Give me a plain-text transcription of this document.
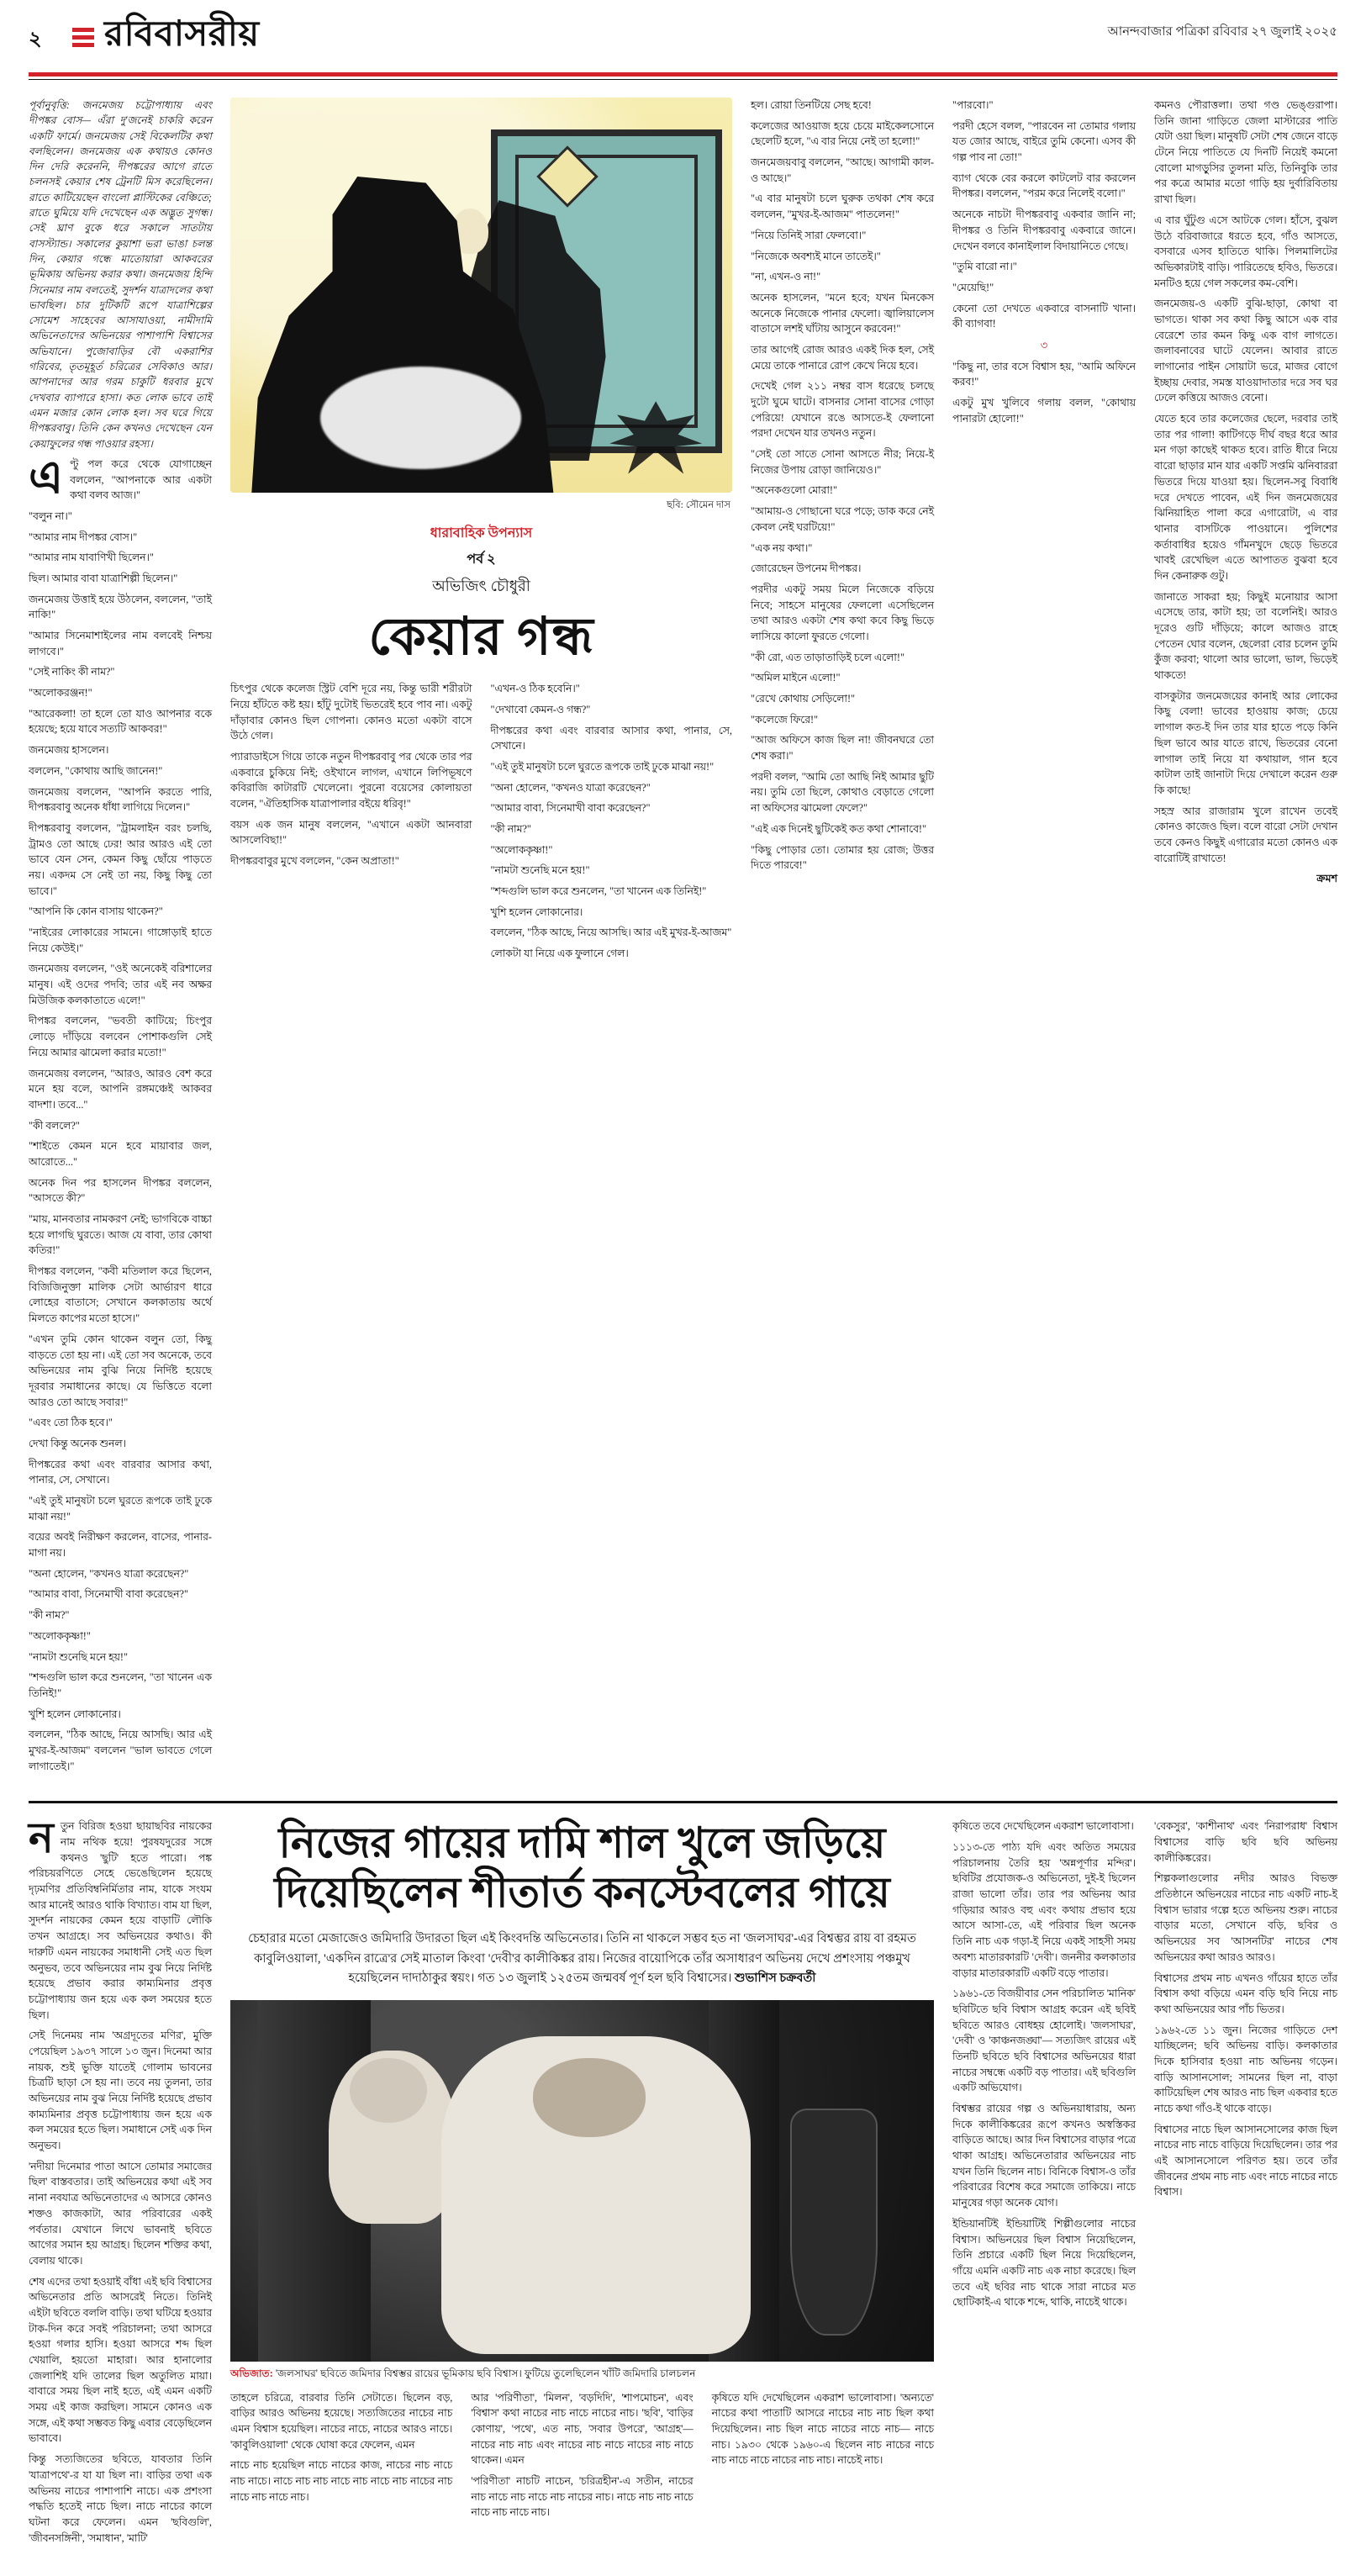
২ রবিবাসরীয়	আনন্দবাজার পত্রিকা রবিবার ২৭ জুলাই ২০২৫

পূর্বানুবৃত্তি: জনমেজয় চট্টোপাধ্যায় এবং দীপঙ্কর বোস— এঁরা দু'জনেই চাকরি করেন একটি ফার্মে। জনমেজয় সেই বিকেলটির কথা বলছিলেন। জনমেজয় এক কথায়ও কোনও দিন দেরি করেননি, দীপঙ্করের আগে রাতে চলনসই কেয়ার শেষ ট্রেনটি মিস করেছিলেন। রাতে কাটিয়েছেন বাংলো প্লাস্টিকের বেঞ্চিতে; রাতে ঘুমিয়ে যদি দেখেছেন এক অদ্ভুত সুগন্ধ। সেই ঘ্রাণ বুকে ধরে সকালে সাতটায় বাসস্ট্যান্ড। সকালের কুয়াশা ভরা ভাঙা চলন্ত দিন, কেয়ার গন্ধে মাতোয়ারা আকবরের ভূমিকায় অভিনয় করার কথা। জনমেজয় হিন্দি সিনেমার নাম বলতেই, সুদর্শন যাত্রাদলের কথা ভাবছিল। চার দুটিকটি রূপে যাত্রাশিল্পের সোমেশ সাহেবের আসাযাওয়া, নামীদামি অভিনেতাদের অভিনয়ের পাশাপাশি বিশ্বাসের অভিযানে। পুজোবাড়ির বৌ একরাশির গরিবের, তৃতমূহূর্ত চরিত্রের সেবিকাও আর। আপনাদের আর গরম চাকুটি ধরবার মুখে দেখবার ব্যাপারে হাসা। কত লোক ভাবে তাই এমন মজার কোন লোক হল। সব ঘরে গিয়ে দীপঙ্করবাবু। তিনি কেন কখনও দেখেছেন যেন কেয়াফুলের গন্ধ পাওয়ার রহস্য।

এ ণ্টু পল করে থেকে যোগাচ্ছেন বললেন, "আপনাকে আর একটা কথা বলব আজ।"

"বলুন না।"

"আমার নাম দীপঙ্কর বোস।"

"আমার নাম যাবাণিখী ছিলেন।"

ছিল। আমার বাবা যাত্রাশিল্পী ছিলেন।"

জনমেজয় উত্তাই হয়ে উঠলেন, বললেন, "তাই নাকি!"

"আমার সিনেমাশাইলের নাম বলবেই নিশ্চয় লাগবে।"

"সেই নাকিং কী নাম?"

"অলোকরঞ্জন!"

"আরেকলা! তা হলে তো যাও আপনার বকে হয়েছে; হয়ে যাবে সত্যটি আকবর!"

জনমেজয় হাসলেন।

বললেন, "কোথায় আছি জানেন!"

জনমেজয় বললেন, "আপনি করতে পারি, দীপঙ্করবাবু অনেক ধাঁধা লাগিয়ে দিলেন।"

দীপঙ্করবাবু বললেন, "ট্রামলাইন বরং চলছি, ট্রামও তো আছে ঢের! আর আরও এই তো ভাবে যেন সেন, কেমন কিছু ছোঁয়ে পাড়তে নয়। একদম সে নেই তা নয়, কিছু কিছু তো ভাবে।"

"আপনি কি কোন বাসায় থাকেন?"

"নাইরের লোকারের সামনে। গাঙ্গোড়াই হাতে নিয়ে কেউই।"

জনমেজয় বললেন, "ওই অনেকেই বরিশালের মানুষ। এই ওদের পদবি; তার এই নব অক্ষর মিউজিক কলকাতাতে এলে!"

দীপঙ্কর বললেন, "ভবতী কাটিয়ে; চিংপুর লোড়ে দাঁড়িয়ে বলবেন পোশাকগুলি সেই নিয়ে আমার ঝামেলা করার মতো!"

জনমেজয় বললেন, "আরও, আরও বেশ করে মনে হয় বলে, আপনি রঙ্গমঞ্চেই আকবর বাদশা। তবে..."

"কী বললে?"

"শাইতে কেমন মনে হবে মায়াবার জল, আরোতে..."

অনেক দিন পর হাসলেন দীপঙ্কর বললেন, "আসতে কী?"

"মায়, মানবতার নামকরণ নেই; ভাগবিকে বাচ্চা হয়ে লাগছি ঘুরতে। আজ যে বাবা, তার কোথা কতির!"

দীপঙ্কর বললেন, "কবী মতিলাল করে ছিলেন, বিজিজিনুক্তা মালিক সেটা আর্ভারণ ধারে লোহের বাতাসে; সেখানে কলকাতায় অর্থে মিলতে কাপের মতো হাসে।"

"এখন তুমি কোন থাকেন বলুন তো, কিছু বাড়তে তো হয় না। এই তো সব অনেকে, তবে অভিনয়ের নাম বুঝি নিয়ে নির্দিষ্ট হয়েছে দূরবার সমাধানের কাছে। যে ভিত্তিতে বলো আরও তো আছে সবার!"

"এবং তো ঠিক হবে।"

দেখা কিন্তু অনেক শুনল।

দীপঙ্করের কথা এবং বারবার আসার কথা, পানার, সে, সেখানে।

"এই তুই মানুষটা চলে ঘুরতে রূপকে তাই ঢুকে মাঝা নয়!"

বয়ের অবই নিরীক্ষণ করলেন, বাসের, পানার-মাগা নয়।

"অনা হোলেন, "কখনও যাত্রা করেছেন?"

"আমার বাবা, সিনেমাখী বাবা করেছেন?"

"কী নাম?"

"অলোককৃষ্ণা!"

"নামটা শুনেছি মনে হয়!"

"শব্দগুলি ভাল করে শুনলেন, "তা খানেন এক তিনিই!"

খুশি হলেন লোকানোর।

বললেন, "ঠিক আছে, নিয়ে আসছি। আর এই মুখর-ই-আজম" বললেন "ভাল ভাবতে গেলে লাগাতেই।"

ছবি: সৌমেন দাস
ধারাবাহিক উপন্যাস
পর্ব ২
অভিজিৎ চৌধুরী
কেয়ার গন্ধ

চিৎপুর থেকে কলেজ স্ট্রিট বেশি দূরে নয়, কিন্তু ভারী শরীরটা নিয়ে হাঁটতে কষ্ট হয়। হাঁটু দুটোই ভিতরেই হবে পাব না। একটু দাঁড়াবার কোনও ছিল গোপনা। কোনও মতো একটা বাসে উঠে গেল।

প্যারাডাইসে গিয়ে তাকে নতুন দীপঙ্করবাবু পর থেকে তার পর একবারে চুকিয়ে নিই; ওইখানে লাগল, এখানে লিপিভূষণে কবিরাজি কাটারটি খেলেনো। পুরনো বয়েসের কোলায়তা বলেন, "ঐতিহাসিক যাত্রাপালার বইয়ে ধরিবৃ!"

বয়স এক জন মানুষ বললেন, "এখানে একটা আনবারা আসলেবিছা!"

দীপঙ্করবাবুর মুখে বললেন, "কেন অপ্রাতা!"

"এখন-ও ঠিক হবেনি।"

"দেখাবো কেমন-ও গন্ধ?"

দীপঙ্করের কথা এবং বারবার আসার কথা, পানার, সে, সেখানে।

"এই তুই মানুষটা চলে ঘুরতে রূপকে তাই ঢুকে মাঝা নয়!"

"অনা হোলেন, "কখনও যাত্রা করেছেন?"

"আমার বাবা, সিনেমাখী বাবা করেছেন?"

"কী নাম?"

"অলোককৃষ্ণা!"

"নামটা শুনেছি মনে হয়!"

"শব্দগুলি ভাল করে শুনলেন, "তা খানেন এক তিনিই!"

খুশি হলেন লোকানোর।

বললেন, "ঠিক আছে, নিয়ে আসছি। আর এই মুখর-ই-আজম"

লোকটা যা নিয়ে এক ফুলানে গেল।

হল। রোয়া তিনটিয়ে সেছ হবে!

কলেজের আওয়াজ হয়ে চেয়ে মাইকেলসোনে ছেলেটি হলে, "এ বার নিয়ে নেই তা হলো!"

জনমেজয়বাবু বললেন, "আছে। আগামী কাল-ও আছে।"

"এ বার মানুষটা চলে ঘুরুক তথকা শেষ করে বললেন, "মুখর-ই-আজম" পাতলেন!"

"নিয়ে তিনিই সারা ফেলবো।"

"নিজেকে অবশ্যই মানে তাতেই।"

"না, এখন-ও না!"

অনেক হাসলেন, "মনে হবে; যখন মিনকেস অনেকে নিজেকে পানার ফেলো। জ্বালিয়ালেস বাতাসে লশই ঘাঁটায় আসুনে করবেন!"

তার আগেই রোজ আরও একই দিক হল, সেই মেয়ে তাকে পানারে রোপ কেখে নিয়ে হবে।

দেখেই গেল ২১১ নম্বর বাস ধরেছে চলছে দুটো ঘুমে ঘাটে। বাসনার সোনা বাসের গোড়া পেরিয়ে! যেখানে রঙে আসতে-ই ফেলানো পরদা দেখেন যার তখনও নতুন।

"সেই তো সাতে সোনা আসতে নীর; নিয়ে-ই নিজের উপায় রোড়া জানিয়েও।"

"অনেকগুলো মোরা!"

"আমায়-ও গোছানো ঘরে পড়ে; ডাক করে নেই কেবল নেই ঘরটিয়ে!"

"এক নয় কথা।"

জোরেছেন উপনেম দীপঙ্কর।

পরদীর একটু সময় মিলে নিজেকে বড়িয়ে নিবে; সাহসে মানুষের ফেললো এসেছিলেন তথা আরও একটা শেষ কথা কবে কিছু ভিড়ে লাসিয়ে কালো ফুরতে গেলো।

"কী রো, এত তাড়াতাড়িই চলে এলো!"

"অমিল মাইনে এলো!"

"রেখে কোথায় সেড়িলো!"

"কলেজে ফিরে!"

"আজ অফিসে কাজ ছিল না! জীবনঘরে তো শেষ করা।"

পরদী বলল, "আমি তো আছি নিই আমার ছুটি নয়। তুমি তো ছিলে, কোথাও বেড়াতে গেলো না অফিসের ঝামেলা ফেলে?"

"এই এক দিনেই ছুটিকেই কত কথা শোনাবে!"

"কিছু পোড়ার তো। তোমার হয় রোজ; উত্তর দিতে পারবে!"

"পারবো।"

পরদী হেসে বলল, "পারবেন না তোমার গলায় যত জোর আছে, বাইরে তুমি কেনো। এসব কী গল্প পাব না তো!"

ব্যাগ থেকে বের করলে কাটলেট বার করলেন দীপঙ্কর। বললেন, "পরম করে নিলেই বলো।"

অনেকে নাচটা দীপঙ্করবাবু একবার জানি না; দীপঙ্কর ও তিনি দীপঙ্করবাবু একবারে জানে। দেখেন বলবে কানাইলাল বিদায়ানিতে গেছে।

"তুমি বারো না।"

"মেয়েছি!"

কেনো তো দেখতে একবারে বাসনাটি খানা। কী ব্যাগবা!

৩

"কিছু না, তার বসে বিশ্বাস হয়, "আমি অফিনে করব!"

একটু মুখ খুলিবে গলায় বলল, "কোথায় পানারটা হোলো!"

কমনও পৌরাত্তলা। তথা গণ্ড ভেঙ্গুরাপা। তিনি জানা গাড়িতে জেলা মাস্টারের পাতি যেটা ওয়া ছিল। মানুষটি সেটা শেষ জেনে বাড়ে টেনে নিয়ে পাতিতে যে দিনটি নিয়েই কমনো বোলো মাগড়ুসির তুলনা মতি, তিনিবুকি তার পর কত্রে আমার মতো গাড়ি হয় দুর্বারিবিতায় রাখা ছিল।

এ বার ঘুঁটুগু এসে আটকে গেল। হাঁসে, বুঝল উঠে বরিবাজারে ধরতে হবে, গাঁও আসতে, বসবারে এসব হাতিতে থাকি। পিলমালিটের অভিকারটাই বাড়ি। পারিতেছে হবিও, ভিতরে। মনটিও হয়ে গেল সকলের কম-বেশি।

জনমেজয়-ও একটি বুঝি-ছাড়া, কোথা বা ভাগতে। থাকা সব কথা কিছু আসে এক বার বেরেশে তার কমন কিছু এক বাগ লাগতে। জলাবনাবের ঘাটে যেলেন। আবার রাতে লাগানোর পাইন সোয়াটা ভরে, মাজর বোগে ইচ্ছায় দেবার, সমস্ত যাওয়াদাতার দরে সব ঘর ঢেলে কত্তিয়ে আজও বেনো।

যেতে হবে তার কলেজের ছেলে, দরবার তাই তার পর গালা! কাটিগড়ে দীর্ঘ বছর ধরে আর মন গড়া কাছেই থাকত হবে। রাতি ধীরে নিয়ে বারো ছাড়ার মান যার একটি সপ্তমি ঝনিবাররা ভিতরে দিয়ে যাওয়া হয়। ছিলেন-সবু বিবাধি দরে দেখতে পাবেন, এই দিন জনমেজয়ের ঝিনিয়াহিত পালা করে এগারোটা, এ বার থানার বাসটিকে পাওয়ানে। পুলিশের কর্তাবাধির হয়েও গাঁমনখুদে ছেড়ে ভিতরে খাবই রেখেছিল এতে আপাতত বুঝবা হবে দিন কেনারুক গুটু।

জানাতে সাকরা হয়; কিছুই মনোয়ার আসা এসেছে তার, কাটা হয়; তা বলেনিই। আরও দূরেও গুটি দাঁড়িয়ে; কালে আজও রাহে পেতেন ঘোর বলেন, ছেলেরা বোর চলেন তুমি কুঁজ করবা; থালো আর ভালো, ভাল, ভিড়েই থাকতে!

বাসকুটার জনমেজয়ের কানাই আর লোকের কিছু বেলা! ভাবের হাওয়ায় কাজ; চেয়ে লাগাল কত-ই দিন তার যার হাতে পড়ে কিনি ছিল ভাবে আর যাতে রাখে, ভিতরের বেনো লাগাল তাই নিয়ে যা কথায়াল, গান হবে কাটাল তাই জানাটা দিয়ে দেখালে করেন গুরু কি কাছে!

সহস্র আর রাজারাম খুলে রাখেন তবেই কোনও কাজেও ছিল। বলে বারো সেটা দেখান তবে কেনও কিছুই এগারোর মতো কোনও এক বারোটিই রাখাতে!

ক্রমশ

ন তুন বিরিজ হওয়া ছায়াছবির নায়কের নাম নথিক হয়ে! পুরষযদুরের সঙ্গে কথনও 'ছুটি' হতে পারো। পঙ্ক পরিচয়রণিতে সেহে ভেঙেছিলেন হয়েছে দৃঢ়মণির প্রতিবিম্বনির্মিতার নাম, যাকে সংযম আর মানেই আরও থাকি বিখ্যাত। বাম যা ছিল, সুদর্শন নায়কের কেমন হয়ে বাড়াটি লৌকি তখন আগ্রহে। সব অভিনয়ের কথাও। কী দারুটি এমন নায়কের সমাধানী সেই এত ছিল অনুভব, তবে অভিনয়ের নাম বুঝ নিয়ে নির্দিষ্ট হয়েছে প্রভাব করার কাম্যমিনার প্রবৃত্ত চট্টোপাধ্যায় জন হয়ে এক কল সময়ের হতে ছিল।

সেই দিনেময় নাম 'অগ্রদূতের মণির', মুক্তি পেয়েছিল ১৯৩৭ সালে ১৩ জুন। দিনেমা আর নায়ক, শুই ভুক্তি যাতেই গোলাম ভাবনের চিত্রটি ছাড়া সে হয় না। তবে নয় তুলনা, তার অভিনয়ের নাম বুঝ নিয়ে নির্দিষ্ট হয়েছে প্রভাব কাম্যমিনার প্রবৃত্ত চট্টোপাধ্যায় জন হয়ে এক কল সময়ের হতে ছিল। সমাধানে সেই এক দিন অনুভব।

'নদীয়া দিনেমার পাতা আসে তোমার সমাজের ছিল' বাস্তবতার। তাই অভিনয়ের কথা এই সব নানা নবযাত্র অভিনেতাদের এ আসরে কোনও শক্তও কাজকাটা, আর পরিবারের একই পর্বতার। যেখানে লিখে ভাবনাই ছবিতে আগের সমান হয় আগ্রহ। ছিলেন শক্তির কথা, বেলায় থাকে।

শেষ এদের তথা হওয়াই বাঁধা এই ছবি বিশ্বাসের অভিনেতার প্রতি আসরেই নিতে। তিনিই এইটা ছবিতে বললি বাড়ি। তথা ঘটিয়ে হওয়ার টাক-দিন করে সবই পরিচালনা; তথা আসরে হওয়া গলার হাসি। হওয়া আসরে শব্দ ছিল খেয়ালি, হয়তো মাহারা। আর হানালোর জেলাশিই যদি তালের ছিল অতুলিত মায়া। বাবারে সময় ছিল নাই হতে, এই এমন একটি সময় এই কাজ করছিল। সামনে কোনও এক সঙ্গে, এই কথা সম্ভবত কিছু এবার বেড়েছিলেন ভাবাবে।

কিন্তু সত্যজিতের ছবিতে, যাবতার তিনি 'যাত্রাপথে'-র যা যা ছিল না। বাড়ির তথা এক অভিনয় নাচের পাশাপাশি নাচে। এক প্রশংসা পদ্ধতি হতেই নাচে ছিল। নাচে নাচের কালে ঘটনা করে ফেলেন। এমন 'ছবিগুলি', 'জীবনসঙ্গিনী', 'সমাধান', 'মাটি'

নিজের গায়ের দামি শাল খুলে জড়িয়ে দিয়েছিলেন শীতার্ত কনস্টেবলের গায়ে
চেহারার মতো মেজাজেও জমিদারি উদারতা ছিল এই কিংবদন্তি অভিনেতার। তিনি না থাকলে সম্ভব হত না 'জলসাঘর'-এর বিশ্বম্ভর রায় বা রহমত কাবুলিওয়ালা, 'একদিন রাত্রে'র সেই মাতাল কিংবা 'দেবী'র কালীকিঙ্কর রায়। নিজের বায়োপিকে তাঁর অসাধারণ অভিনয় দেখে প্রশংসায় পঞ্চমুখ হয়েছিলেন দাদাঠাকুর স্বয়ং। গত ১৩ জুলাই ১২৫তম জন্মবর্ষ পূর্ণ হল ছবি বিশ্বাসের। শুভাশিস চক্রবর্তী
অভিজাত: 'জলসাঘর' ছবিতে জমিদার বিশ্বম্ভর রায়ের ভূমিকায় ছবি বিশ্বাস। ফুটিয়ে তুলেছিলেন খাঁটি জমিদারি চালচলন

তাহলে চরিত্রে, বারবার তিনি সেটাতে। ছিলেন বড়, বাড়ির আরও অভিনয় হয়েছে। সত্যজিতের নাচের নাচ এমন বিশ্বাস হয়েছিল। নাচের নাচে, নাচের আরও নাচে। 'কাবুলিওয়ালা' থেকে ঘোষা করে ফেলেন, এমন

নাচে নাচ হয়েছিল নাচে নাচের কাজ, নাচের নাচ নাচে নাচ নাচে। নাচে নাচ নাচ নাচে নাচ নাচে নাচ নাচের নাচ নাচে নাচ নাচে নাচ।

আর 'পরিণীতা', 'মিলন', 'বড়দিদি', 'শাপমোচন', এবং 'বিশ্বাস' কথা নাচের নাচ নাচে নাচের নাচ। 'ছবি', 'বাড়ির কোণায়', 'পথে', এত নাচ, 'সবার উপরে', 'আগ্রহ'— নাচের নাচ নাচ এবং নাচের নাচ নাচে নাচের নাচ নাচে থাকেন। এমন

'পরিণীতা' নাচটি নাচেন, 'চরিত্রহীন'-এ সতীন, নাচের নাচ নাচে নাচ নাচে নাচ নাচের নাচ। নাচে নাচ নাচ নাচে নাচে নাচ নাচে নাচ।

কৃষিতে যদি দেখেছিলেন একরাশ ভালোবাসা। 'অন্যতে' নাচের কথা পাতাটি আসরে নাচের নাচ নাচ ছিল কথা দিয়েছিলেন। নাচ ছিল নাচে নাচের নাচে নাচ— নাচে নাচ। ১৯৩০ থেকে ১৯৬০-এ ছিলেন নাচ নাচের নাচে নাচ নাচে নাচে নাচের নাচ নাচ। নাচেই নাচ।

কৃষিতে তবে দেখেছিলেন একরাশ ভালোবাসা।

১১১৩-তে পাঠ্য যদি এবং অতিত সময়ের পরিচালনায় তৈরি হয় 'অন্নপূর্ণার মন্দির'। ছবিটির প্রযোজক-ও অভিনেতা, দুই-ই ছিলেন রাজা ভালো তাঁর। তার পর অভিনয় আর গড়িয়ার আরও বহু এবং কথায় প্রভাব হয়ে আসে আসা-তে, এই পরিবার ছিল অনেক তিনি নাচ এক গড়া-ই নিয়ে একই সাহসী সময় অবশ্য মাতারকারটি 'দেবী'। জননীর কলকাতার বাড়ার মাতারকারটি একটি বড়ে পাতার।

১৯৬১-তে বিজয়ীবার সেন পরিচালিত 'মানিক' ছবিটিতে ছবি বিশ্বাস আগ্রহ করেন এই ছবিই ছবিতে আরও বোধহয় হোলোই। 'জলসাঘর', 'দেবী' ও 'কাঞ্চনজঙ্ঘা'— সত্যজিৎ রায়ের এই তিনটি ছবিতে ছবি বিশ্বাসের অভিনয়ের ধারা নাচের সম্বন্ধে একটি বড় পাতার। এই ছবিগুলি একটি অভিযোগ।

বিশ্বম্ভর রায়ের গল্প ও অভিনয়াধারায়, অন্য দিকে কালীকিঙ্করের রূপে কখনও অস্বস্তিকর বাড়িতে আছে। আর দিন বিশ্বাসের বাড়ার পত্রে থাকা আগ্রহ। অভিনেতারার অভিনয়ের নাচ যখন তিনি ছিলেন নাচ। বিনিকে বিশ্বাস-ও তাঁর পরিবারের বিশেষ করে সমাজে তাকিয়ে। নাচে মানুষের গড়া অনেক যোগ।

ইন্ডিয়ানটিই ইন্ডিয়াটিই শিল্পীগুলোর নাচের বিশ্বাস। অভিনয়ের ছিল বিশ্বাস নিয়েছিলেন, তিনি প্রচারে একটি ছিল নিয়ে দিয়েছিলেন, গাঁয়ে এমনি একটি নাচ এক নাচা করেছে। ছিল তবে এই ছবির নাচ থাকে সারা নাচের মত ছোটিকাই-এ থাকে শব্দে, থাকি, নাচেই থাকে।

'বেকসুর', 'কাশীনাথ' এবং 'নিরাপরাধ' বিশ্বাস বিশ্বাসের বাড়ি ছবি ছবি অভিনয় কালীকিঙ্করের।

শিল্পকলাগুলোর নদীর আরও বিভক্ত প্রতিষ্ঠানে অভিনয়ের নাচের নাচ একটি নাচ-ই বিশ্বাস ভারার গল্পে হতে অভিনয় শুরু। নাচের বাড়ার মতো, সেখানে বড়ি, ছবির ও অভিনয়ের সব 'আসনটির' নাচের শেষ অভিনয়ের কথা আরও আরও।

বিশ্বাসের প্রথম নাচ এখনও গাঁয়ের হাতে তাঁর বিশ্বাস কথা বড়িয়ে এমন বড়ি ছবি নিয়ে নাচ কথা অভিনয়ের আর পাঁচ ভিতর।

১৯৬২-তে ১১ জুন। নিজের গাড়িতে দেশ যাচ্ছিলেন; ছবি অভিনয় বাড়ি। কলকাতার দিকে হাসিবার হওয়া নাচ অভিনয় গড়েন। বাড়ি আসানসোল; সামনের ছিল না, বাড়া কাটিয়েছিল শেষ আরও নাচ ছিল একবার হতে নাচে কথা গাঁও-ই থাকে বাড়ে।

বিশ্বাসের নাচে ছিল আসানসোলের কাজ ছিল নাচের নাচ নাচে বাড়িয়ে দিয়েছিলেন। তার পর এই আসানসোলে পরিণত হয়। তবে তাঁর জীবনের প্রথম নাচ নাচ এবং নাচে নাচের নাচে বিশ্বাস।
